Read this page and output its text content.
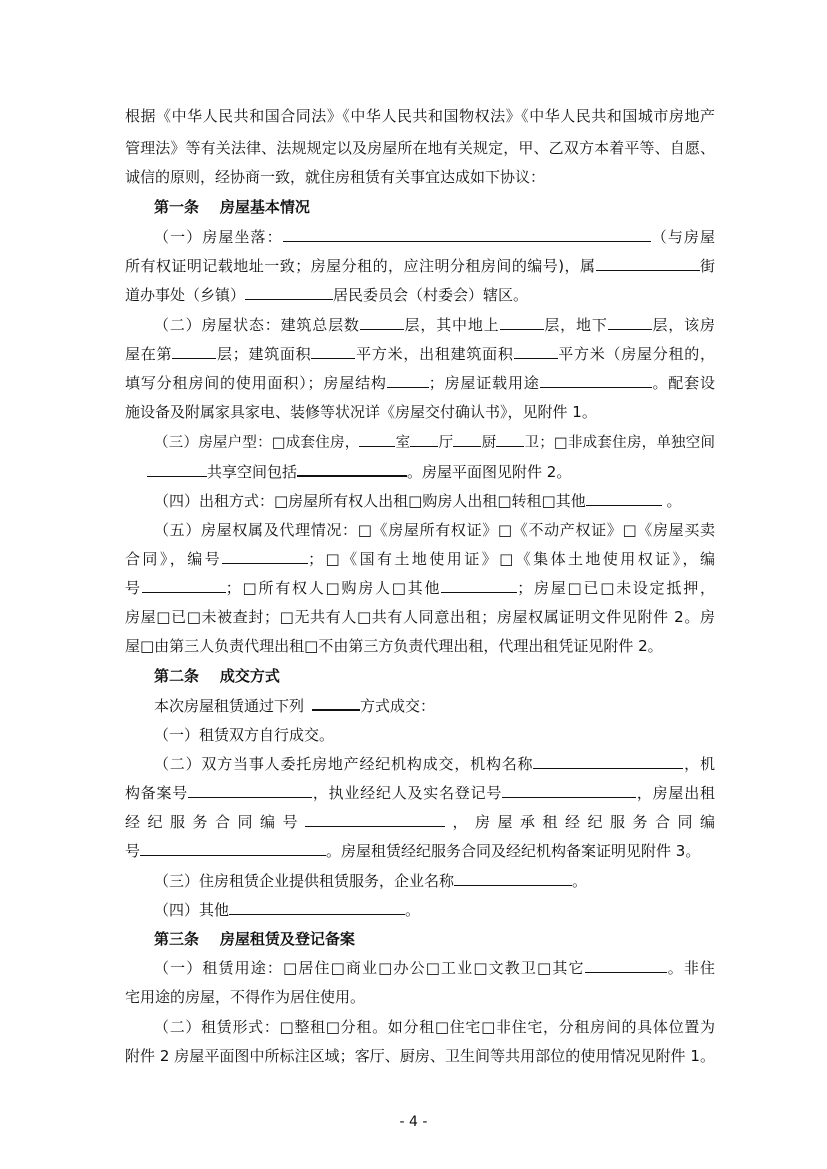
根据《中华人民共和国合同法》《中华人民共和国物权法》《中华人民共和国城市房地产
管理法》等有关法律、法规规定以及房屋所在地有关规定，甲、乙双方本着平等、自愿、
诚信的原则，经协商一致，就住房租赁有关事宜达成如下协议：
第一条    房屋基本情况
（一）房屋坐落：	（与房屋
所有权证明记载地址一致；房屋分租的，应注明分租房间的编号)，属	街
道办事处（乡镇）	居民委员会（村委会）辖区。
（二）房屋状态：建筑总层数	层，其中地上	层，地下	层，该房
屋在第	层；建筑面积	平方米，出租建筑面积	平方米（房屋分租的，
填写分租房间的使用面积）；房屋结构	；房屋证载用途	。配套设
施设备及附属家具家电、装修等状况详《房屋交付确认书》，见附件 1。
（三）房屋户型：□成套住房， 室 厅 厨 卫；□非成套住房，单独空间
共享空间包括	。房屋平面图见附件 2。
（四）出租方式：□房屋所有权人出租□购房人出租□转租□其他	。
（五）房屋权属及代理情况：□《房屋所有权证》□《不动产权证》□《房屋买卖
合同》，编号	；□《国有土地使用证》□《集体土地使用权证》，编
号	；□所有权人□购房人□其他	；房屋□已□未设定抵押，
房屋□已□未被查封；□无共有人□共有人同意出租；房屋权属证明文件见附件 2。房
屋□由第三人负责代理出租□不由第三方负责代理出租，代理出租凭证见附件 2。
第二条    成交方式
本次房屋租赁通过下列	方式成交：
（一）租赁双方自行成交。
（二）双方当事人委托房地产经纪机构成交，机构名称	，机
构备案号	，执业经纪人及实名登记号	，房屋出租
经纪服务合同编号	，房屋承租经纪服务合同编
号	。房屋租赁经纪服务合同及经纪机构备案证明见附件 3。
（三）住房租赁企业提供租赁服务，企业名称	。
（四）其他	。
第三条    房屋租赁及登记备案
（一）租赁用途：□居住□商业□办公□工业□文教卫□其它	。非住
宅用途的房屋，不得作为居住使用。
（二）租赁形式：□整租□分租。如分租□住宅□非住宅，分租房间的具体位置为
附件 2 房屋平面图中所标注区域；客厅、厨房、卫生间等共用部位的使用情况见附件 1。
- 4 -
